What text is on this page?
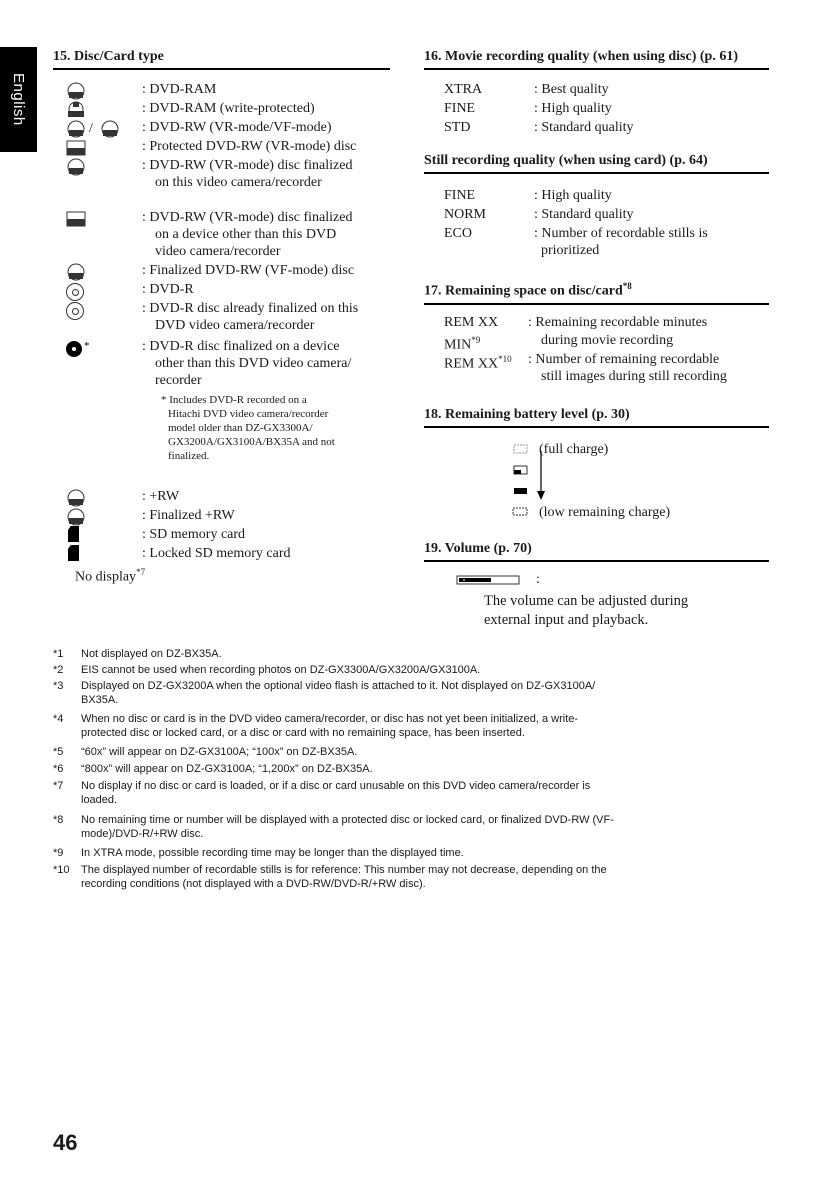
English
15. Disc/Card type
/
*
: DVD-RAM
: DVD-RAM (write-protected)
: DVD-RW (VR-mode/VF-mode)
: Protected DVD-RW (VR-mode) disc
: DVD-RW (VR-mode) disc finalized
on this video camera/recorder
: DVD-RW (VR-mode) disc finalized
on a device other than this DVD
video camera/recorder
: Finalized DVD-RW (VF-mode) disc
: DVD-R
: DVD-R disc already finalized on this
DVD video camera/recorder
: DVD-R disc finalized on a device
other than this DVD video camera/
recorder
* Includes DVD-R recorded on a
Hitachi DVD video camera/recorder
model older than DZ-GX3300A/
GX3200A/GX3100A/BX35A and not
finalized.
: +RW
: Finalized +RW
: SD memory card
: Locked SD memory card
No display$^{*7}$
16. Movie recording quality (when using disc) (p. 61)
XTRA	: Best quality
FINE	: High quality
STD	: Standard quality
Still recording quality (when using card) (p. 64)
FINE	: High quality
NORM	: Standard quality
ECO	: Number of recordable stills is
prioritized
17. Remaining space on disc/card$^{*8}$
REM XX : Remaining recordable minutes
MIN$^{*9}$	during movie recording
REM XX$^{*10}$ : Number of remaining recordable
still images during still recording
18. Remaining battery level (p. 30)
(full charge)
(low remaining charge)
19. Volume (p. 70)
:
The volume can be adjusted during
external input and playback.
*1 Not displayed on DZ-BX35A.
*2 EIS cannot be used when recording photos on DZ-GX3300A/GX3200A/GX3100A.
*3 Displayed on DZ-GX3200A when the optional video flash is attached to it. Not displayed on DZ-GX3100A/
BX35A.
*4 When no disc or card is in the DVD video camera/recorder, or disc has not yet been initialized, a write-
protected disc or locked card, or a disc or card with no remaining space, has been inserted.
*5 “60x” will appear on DZ-GX3100A; “100x” on DZ-BX35A.
*6 “800x” will appear on DZ-GX3100A; “1,200x” on DZ-BX35A.
*7 No display if no disc or card is loaded, or if a disc or card unusable on this DVD video camera/recorder is
loaded.
*8 No remaining time or number will be displayed with a protected disc or locked card, or finalized DVD-RW (VF-
mode)/DVD-R/+RW disc.
*9 In XTRA mode, possible recording time may be longer than the displayed time.
*10 The displayed number of recordable stills is for reference: This number may not decrease, depending on the
recording conditions (not displayed with a DVD-RW/DVD-R/+RW disc).
46
